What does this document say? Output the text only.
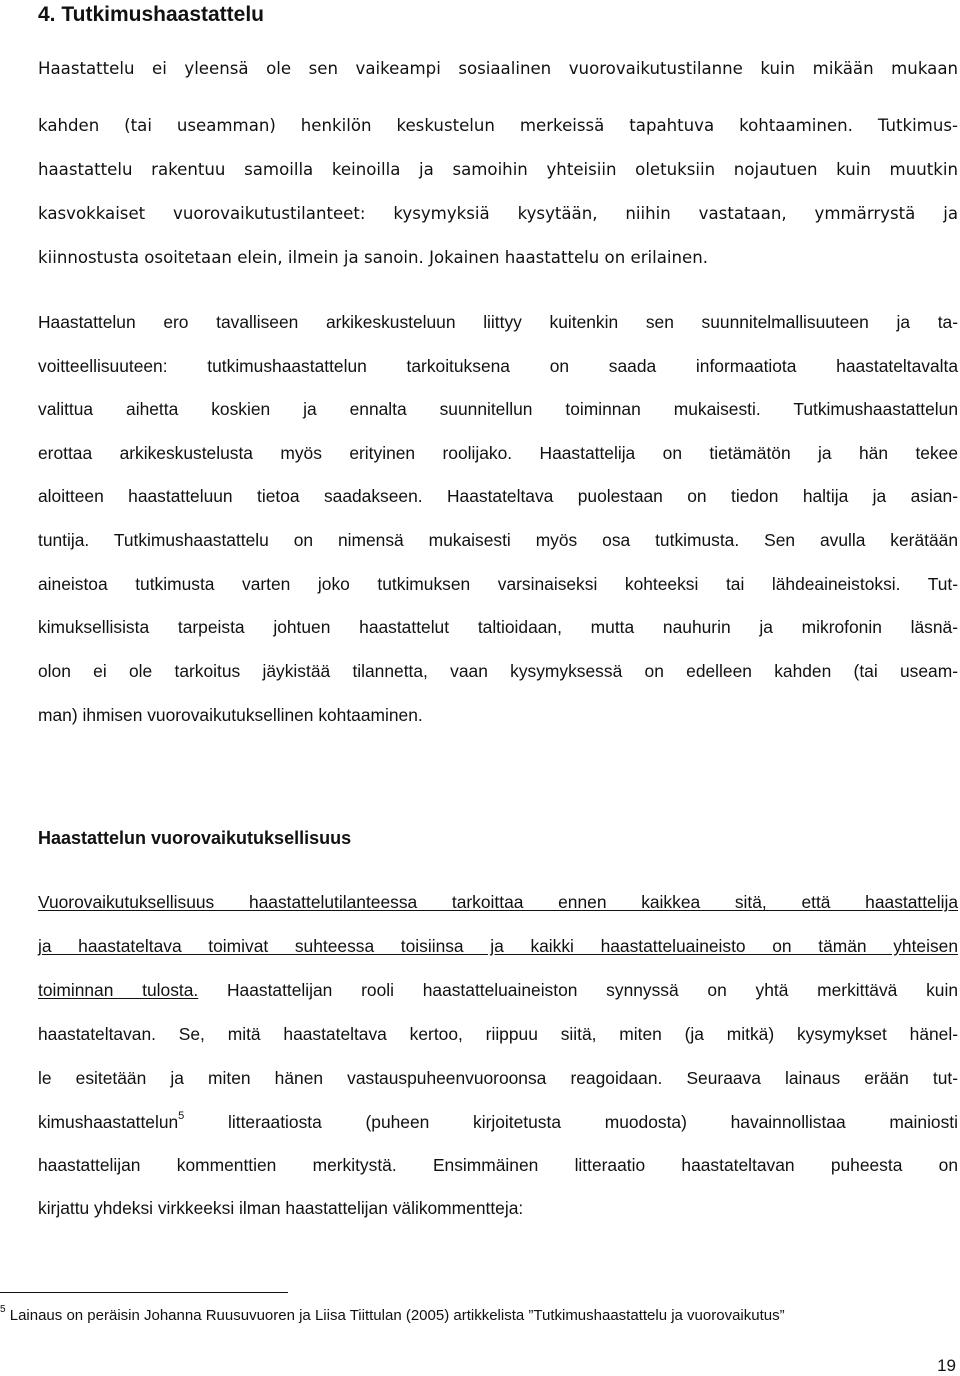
4. Tutkimushaastattelu
Haastattelu ei yleensä ole sen vaikeampi sosiaalinen vuorovaikutustilanne kuin mikään mukaan
kahden (tai useamman) henkilön keskustelun merkeissä tapahtuva kohtaaminen. Tutkimus-
haastattelu rakentuu samoilla keinoilla ja samoihin yhteisiin oletuksiin nojautuen kuin muutkin
kasvokkaiset vuorovaikutustilanteet: kysymyksiä kysytään, niihin vastataan, ymmärrystä ja
kiinnostusta osoitetaan elein, ilmein ja sanoin. Jokainen haastattelu on erilainen.
Haastattelun ero tavalliseen arkikeskusteluun liittyy kuitenkin sen suunnitelmallisuuteen ja ta-
voitteellisuuteen: tutkimushaastattelun tarkoituksena on saada informaatiota haastateltavalta
valittua aihetta koskien ja ennalta suunnitellun toiminnan mukaisesti. Tutkimushaastattelun
erottaa arkikeskustelusta myös erityinen roolijako. Haastattelija on tietämätön ja hän tekee
aloitteen haastatteluun tietoa saadakseen. Haastateltava puolestaan on tiedon haltija ja asian-
tuntija. Tutkimushaastattelu on nimensä mukaisesti myös osa tutkimusta. Sen avulla kerätään
aineistoa tutkimusta varten joko tutkimuksen varsinaiseksi kohteeksi tai lähdeaineistoksi. Tut-
kimuksellisista tarpeista johtuen haastattelut taltioidaan, mutta nauhurin ja mikrofonin läsnä-
olon ei ole tarkoitus jäykistää tilannetta, vaan kysymyksessä on edelleen kahden (tai useam-
man) ihmisen vuorovaikutuksellinen kohtaaminen.
Haastattelun vuorovaikutuksellisuus
Vuorovaikutuksellisuus haastattelutilanteessa tarkoittaa ennen kaikkea sitä, että haastattelija
ja haastateltava toimivat suhteessa toisiinsa ja kaikki haastatteluaineisto on tämän yhteisen
toiminnan tulosta. Haastattelijan rooli haastatteluaineiston synnyssä on yhtä merkittävä kuin
haastateltavan. Se, mitä haastateltava kertoo, riippuu siitä, miten (ja mitkä) kysymykset hänel-
le esitetään ja miten hänen vastauspuheenvuoroonsa reagoidaan. Seuraava lainaus erään tut-
kimushaastattelun$^5$ litteraatiosta (puheen kirjoitetusta muodosta) havainnollistaa mainiosti
haastattelijan kommenttien merkitystä. Ensimmäinen litteraatio haastateltavan puheesta on
kirjattu yhdeksi virkkeeksi ilman haastattelijan välikommentteja:
$^5$ Lainaus on peräisin Johanna Ruusuvuoren ja Liisa Tiittulan (2005) artikkelista ”Tutkimushaastattelu ja vuorovaikutus”
19
